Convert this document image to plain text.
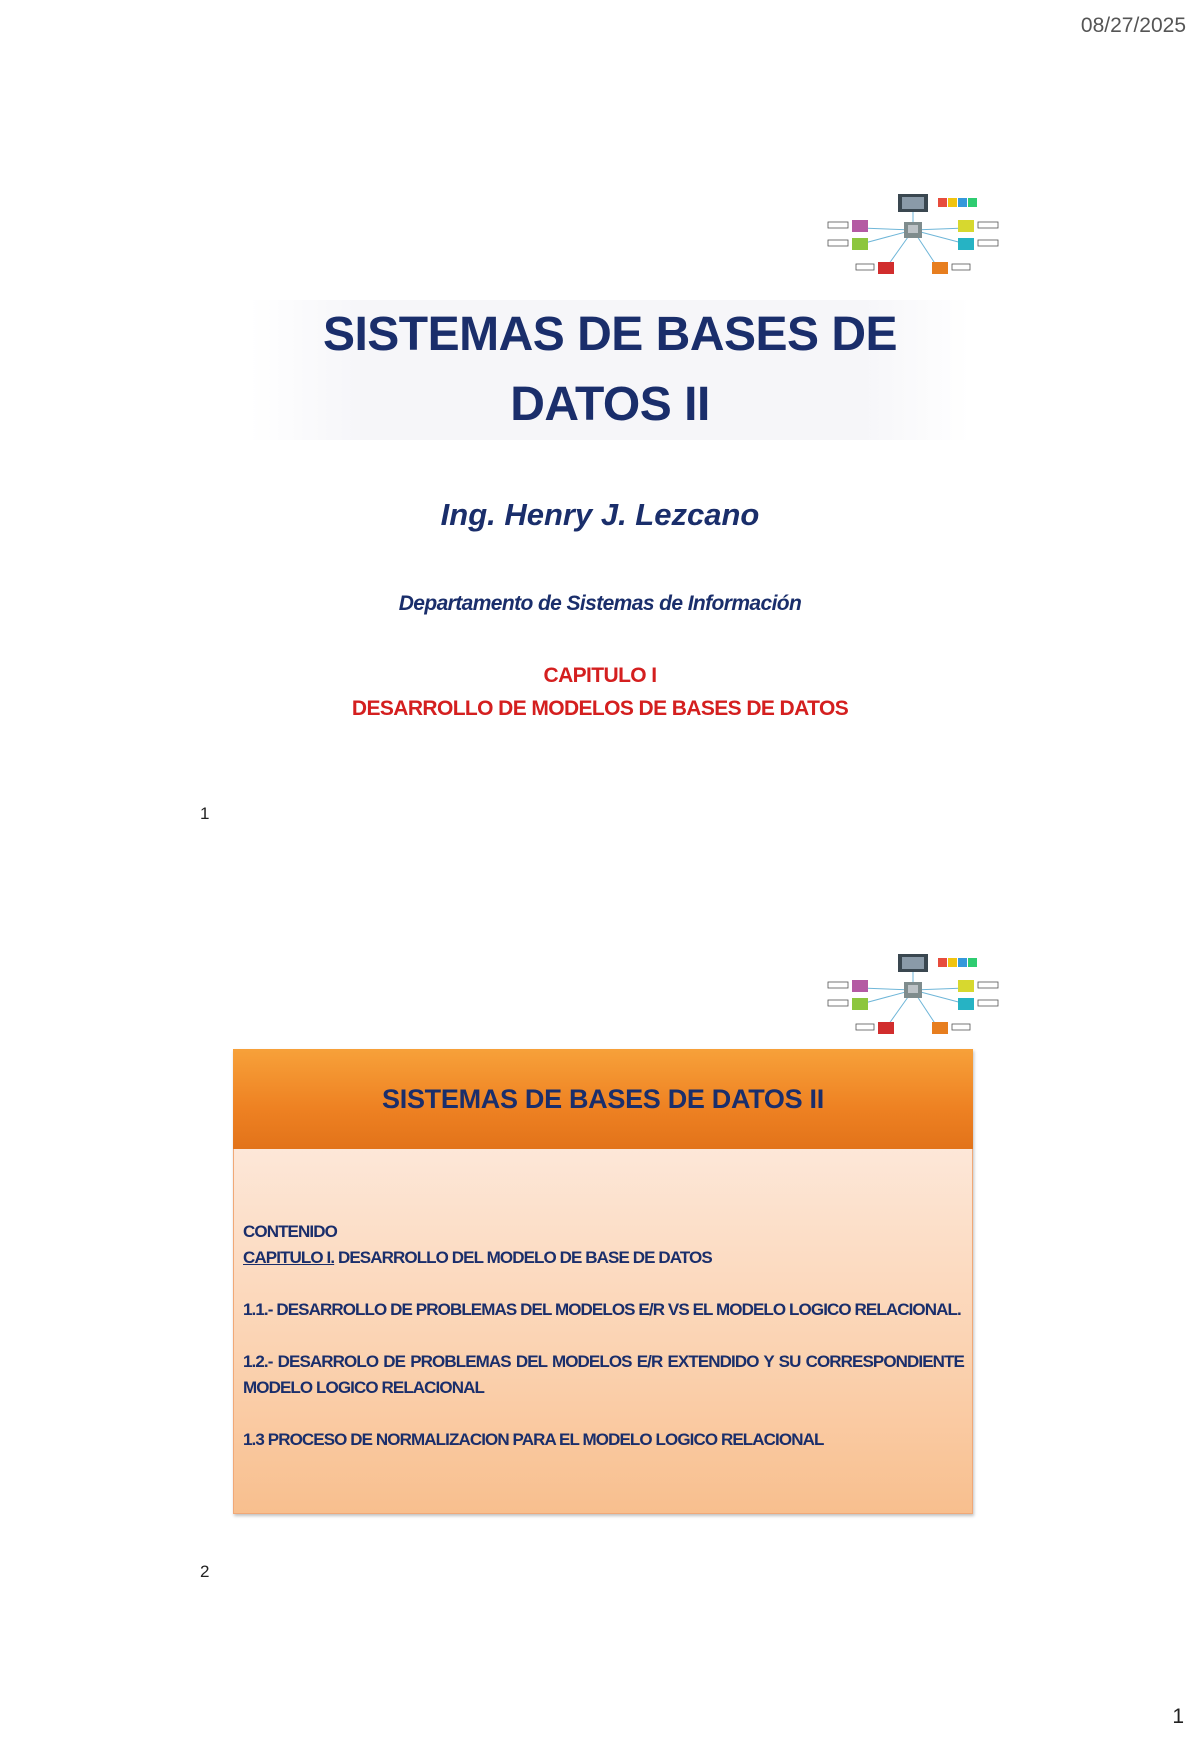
08/27/2025
SISTEMAS DE BASES DE
DATOS II
Ing. Henry J. Lezcano
Departamento de Sistemas de Información
CAPITULO I
DESARROLLO DE MODELOS DE BASES DE DATOS
1
SISTEMAS DE BASES DE DATOS II

CONTENIDO

CAPITULO I. DESARROLLO DEL MODELO DE BASE DE DATOS

1.1.- DESARROLLO DE PROBLEMAS DEL MODELOS E/R VS EL MODELO LOGICO RELACIONAL.

1.2.- DESARROLO DE PROBLEMAS DEL MODELOS E/R EXTENDIDO Y SU CORRESPONDIENTE MODELO LOGICO RELACIONAL

1.3 PROCESO DE NORMALIZACION PARA EL MODELO LOGICO RELACIONAL

2
1
